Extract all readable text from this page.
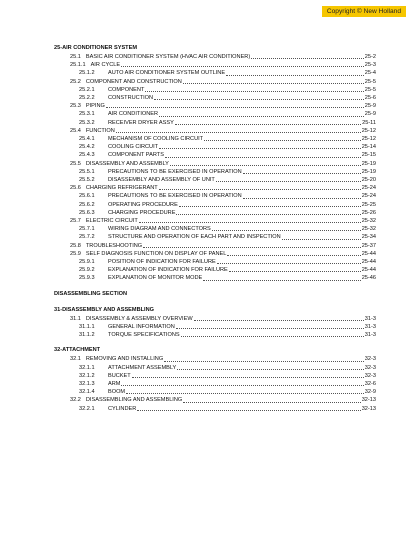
Copyright © New Holland
25-AIR CONDITIONER SYSTEM
25.1 BASIC AIR CONDITIONER SYSTEM (HVAC AIR CONDITIONER)	25-2
25.1.1 AIR CYCLE	25-3
25.1.2	AUTO AIR CONDITIONER SYSTEM OUTLINE	25-4
25.2 COMPONENT AND CONSTRUCTION	25-5
25.2.1	COMPONENT	25-5
25.2.2	CONSTRUCTION	25-6
25.3 PIPING	25-9
25.3.1	AIR CONDITIONER	25-9
25.3.2	RECEIVER DRYER ASSY	25-11
25.4 FUNCTION	25-12
25.4.1	MECHANISM OF COOLING CIRCUIT	25-12
25.4.2	COOLING CIRCUIT	25-14
25.4.3	COMPONENT PARTS	25-15
25.5 DISASSEMBLY AND ASSEMBLY	25-19
25.5.1	PRECAUTIONS TO BE EXERCISED IN OPERATION	25-19
25.5.2	DISASSEMBLY AND ASSEMBLY OF UNIT	25-20
25.6 CHARGING REFRIGERANT	25-24
25.6.1	PRECAUTIONS TO BE EXERCISED IN OPERATION	25-24
25.6.2	OPERATING PROCEDURE	25-25
25.6.3	CHARGING PROCEDURE	25-26
25.7 ELECTRIC CIRCUIT	25-32
25.7.1	WIRING DIAGRAM AND CONNECTORS	25-32
25.7.2	STRUCTURE AND OPERATION OF EACH PART AND INSPECTION	25-34
25.8 TROUBLESHOOTING	25-37
25.9 SELF DIAGNOSIS FUNCTION ON DISPLAY OF PANEL	25-44
25.9.1	POSITION OF INDICATION FOR FAILURE	25-44
25.9.2	EXPLANATION OF INDICATION FOR FAILURE	25-44
25.9.3	EXPLANATION OF MONITOR MODE	25-46
DISASSEMBLING SECTION
31-DISASSEMBLY AND ASSEMBLING
31.1 DISASSEMBLY & ASSEMBLY OVERVIEW	31-3
31.1.1	GENERAL INFORMATION	31-3
31.1.2	TORQUE SPECIFICATIONS	31-3
32-ATTACHMENT
32.1 REMOVING AND INSTALLING	32-3
32.1.1	ATTACHMENT ASSEMBLY	32-3
32.1.2	BUCKET	32-3
32.1.3	ARM	32-6
32.1.4	BOOM	32-9
32.2 DISASSEMBLING AND ASSEMBLING	32-13
32.2.1	CYLINDER	32-13
